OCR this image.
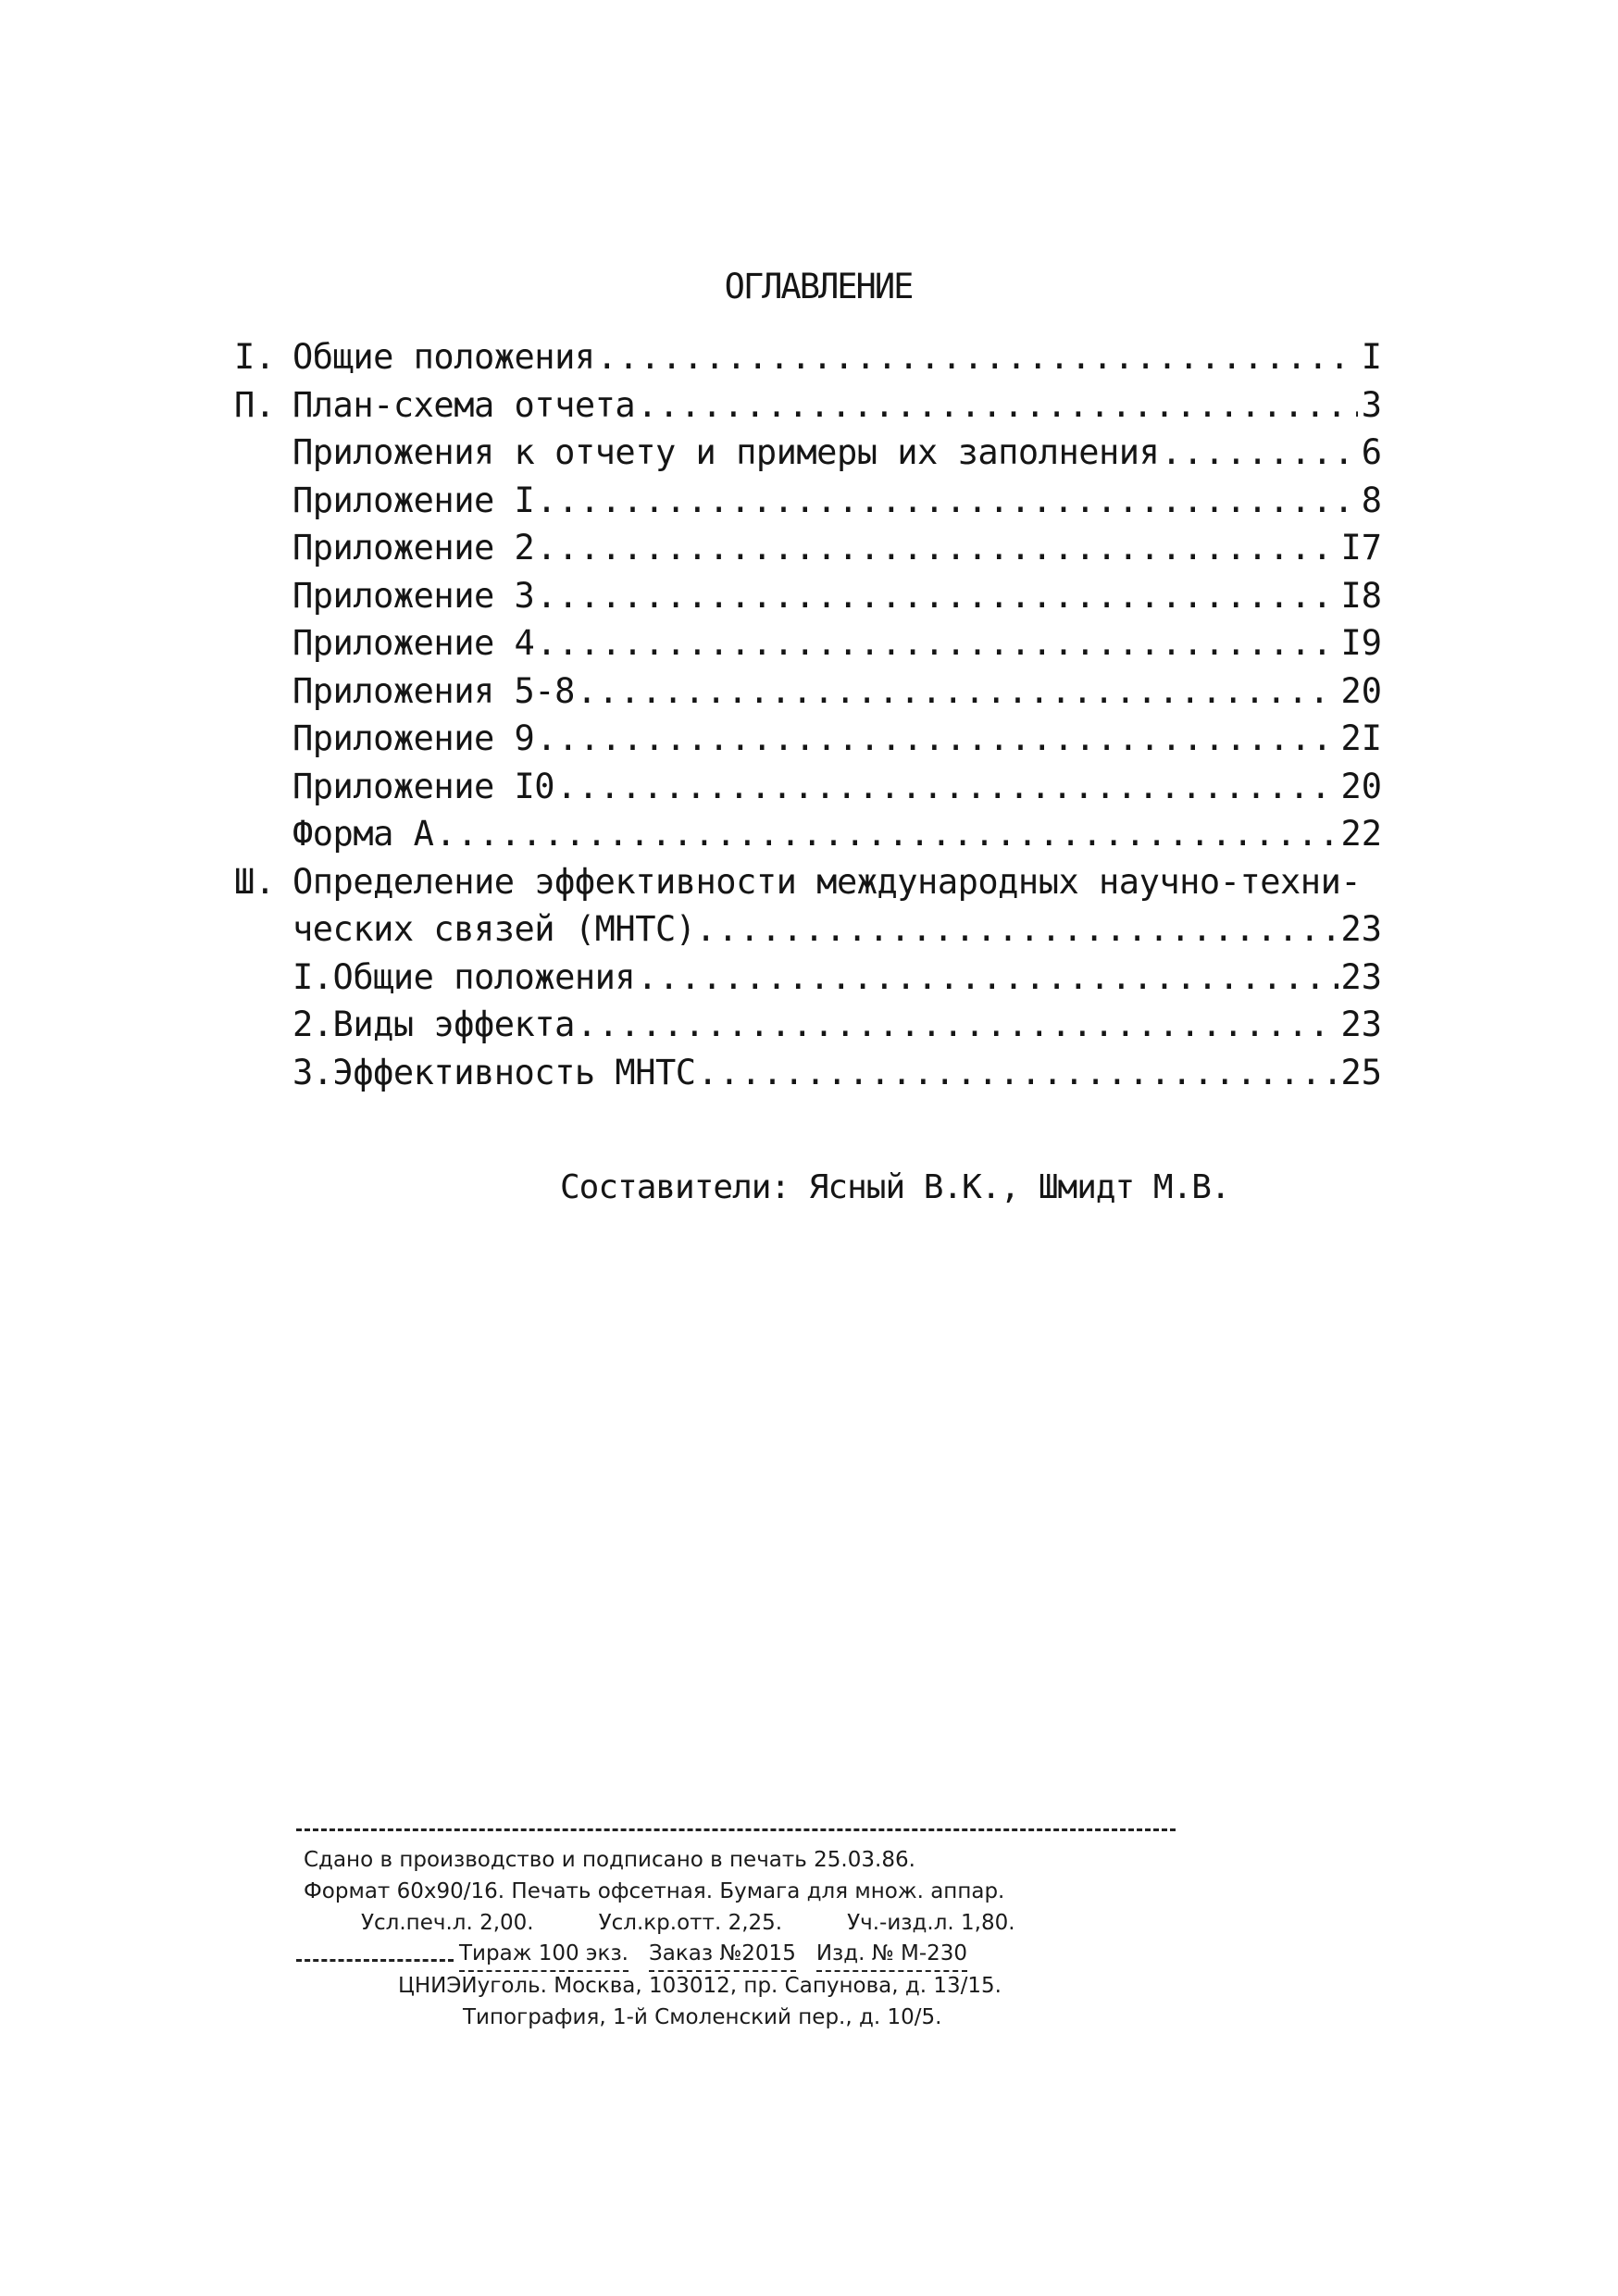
ОГЛАВЛЕНИЕ
I. Общие положения .....	I
П. План-схема отчета .....	3
Приложения к отчету и примеры их заполнения .....	6
Приложение I .....	8
Приложение 2 .....	I7
Приложение 3 .....	I8
Приложение 4 .....	I9
Приложения 5-8 .....	20
Приложение 9 .....	2I
Приложение I0 .....	20
Форма А .....	22
Ш. Определение эффективности международных научно-техни-
ческих связей (МНТС). .....	23
I.Общие положения .....	23
2.Виды эффекта .....	23
3.Эффективность МНТС .....	25
Составители: Ясный В.К., Шмидт М.В.
Сдано в производство и подписано в печать 25.03.86.
Формат 60х90/16. Печать офсетная. Бумага для множ. аппар.
Усл.печ.л. 2,00.	Усл.кр.отт. 2,25.	Уч.-изд.л. 1,80.
Тираж 100 экз. Заказ №2015 Изд. № М-230
ЦНИЭИуголь. Москва, 103012, пр. Сапунова, д. 13/15.
Типография, 1-й Смоленский пер., д. 10/5.
